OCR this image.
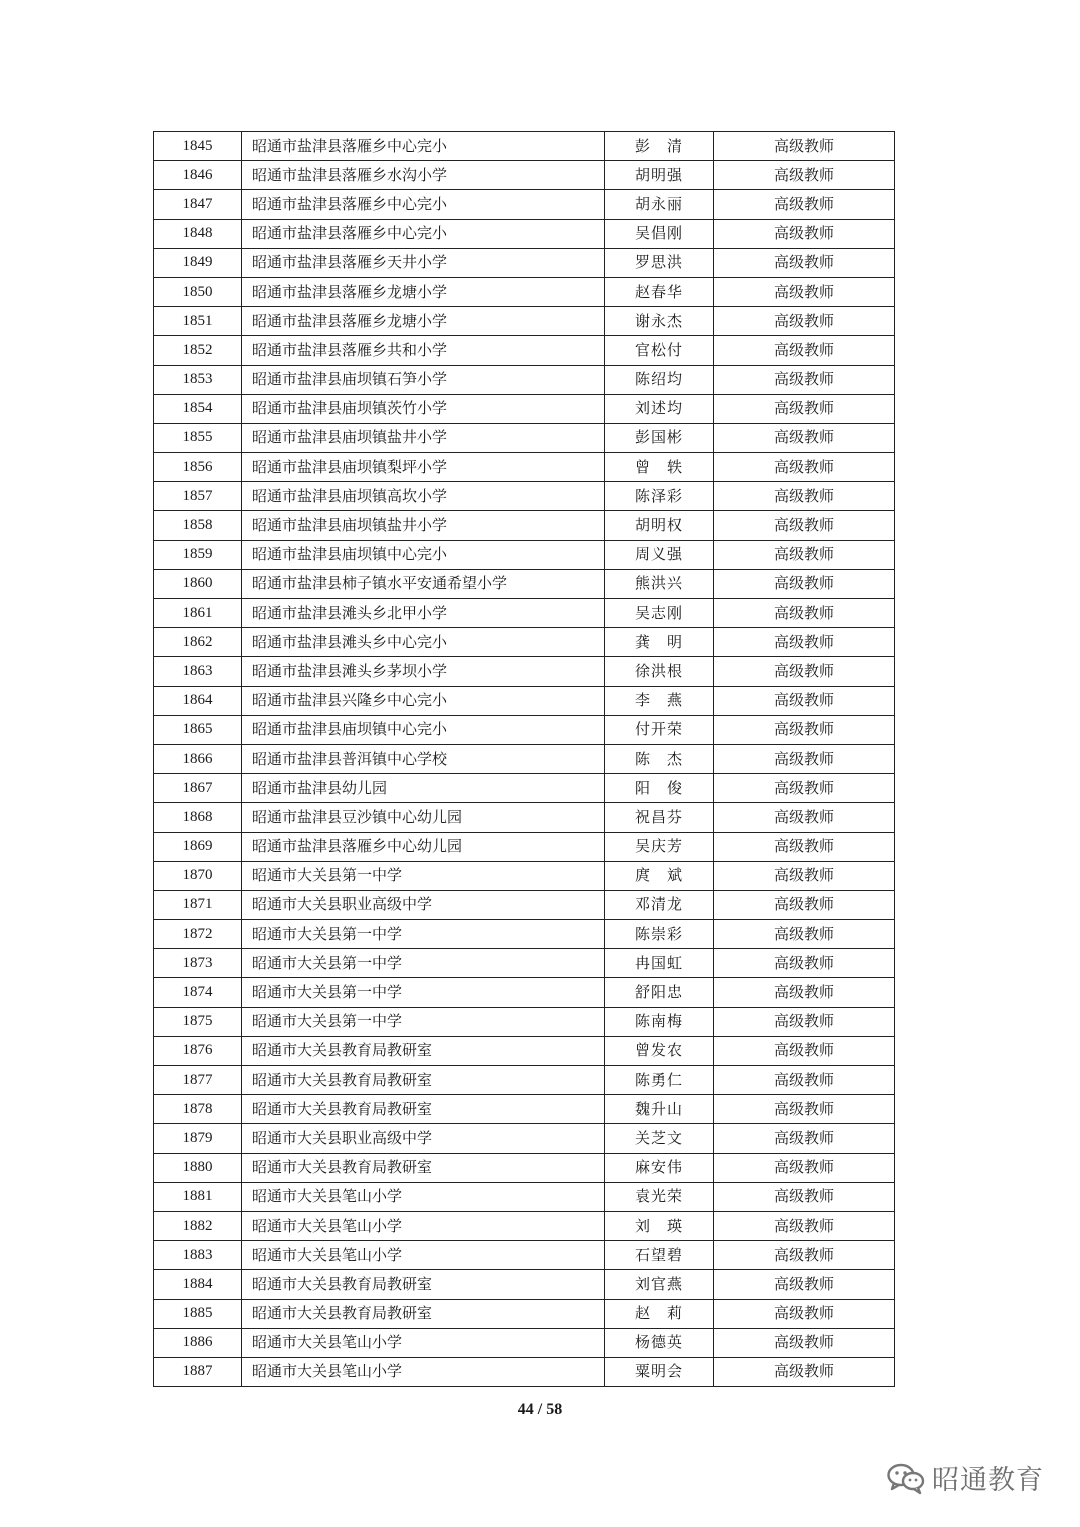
1845	昭通市盐津县落雁乡中心完小	彭　清	高级教师
1846	昭通市盐津县落雁乡水沟小学	胡明强	高级教师
1847	昭通市盐津县落雁乡中心完小	胡永丽	高级教师
1848	昭通市盐津县落雁乡中心完小	吴倡刚	高级教师
1849	昭通市盐津县落雁乡天井小学	罗思洪	高级教师
1850	昭通市盐津县落雁乡龙塘小学	赵春华	高级教师
1851	昭通市盐津县落雁乡龙塘小学	谢永杰	高级教师
1852	昭通市盐津县落雁乡共和小学	官松付	高级教师
1853	昭通市盐津县庙坝镇石笋小学	陈绍均	高级教师
1854	昭通市盐津县庙坝镇茨竹小学	刘述均	高级教师
1855	昭通市盐津县庙坝镇盐井小学	彭国彬	高级教师
1856	昭通市盐津县庙坝镇梨坪小学	曾　轶	高级教师
1857	昭通市盐津县庙坝镇高坎小学	陈泽彩	高级教师
1858	昭通市盐津县庙坝镇盐井小学	胡明权	高级教师
1859	昭通市盐津县庙坝镇中心完小	周义强	高级教师
1860	昭通市盐津县柿子镇水平安通希望小学	熊洪兴	高级教师
1861	昭通市盐津县滩头乡北甲小学	吴志刚	高级教师
1862	昭通市盐津县滩头乡中心完小	龚　明	高级教师
1863	昭通市盐津县滩头乡茅坝小学	徐洪根	高级教师
1864	昭通市盐津县兴隆乡中心完小	李　燕	高级教师
1865	昭通市盐津县庙坝镇中心完小	付开荣	高级教师
1866	昭通市盐津县普洱镇中心学校	陈　杰	高级教师
1867	昭通市盐津县幼儿园	阳　俊	高级教师
1868	昭通市盐津县豆沙镇中心幼儿园	祝昌芬	高级教师
1869	昭通市盐津县落雁乡中心幼儿园	吴庆芳	高级教师
1870	昭通市大关县第一中学	庹　斌	高级教师
1871	昭通市大关县职业高级中学	邓清龙	高级教师
1872	昭通市大关县第一中学	陈崇彩	高级教师
1873	昭通市大关县第一中学	冉国虹	高级教师
1874	昭通市大关县第一中学	舒阳忠	高级教师
1875	昭通市大关县第一中学	陈南梅	高级教师
1876	昭通市大关县教育局教研室	曾发农	高级教师
1877	昭通市大关县教育局教研室	陈勇仁	高级教师
1878	昭通市大关县教育局教研室	魏升山	高级教师
1879	昭通市大关县职业高级中学	关芝文	高级教师
1880	昭通市大关县教育局教研室	麻安伟	高级教师
1881	昭通市大关县笔山小学	袁光荣	高级教师
1882	昭通市大关县笔山小学	刘　瑛	高级教师
1883	昭通市大关县笔山小学	石望碧	高级教师
1884	昭通市大关县教育局教研室	刘官燕	高级教师
1885	昭通市大关县教育局教研室	赵　莉	高级教师
1886	昭通市大关县笔山小学	杨德英	高级教师
1887	昭通市大关县笔山小学	粟明会	高级教师
44 / 58
昭通教育
